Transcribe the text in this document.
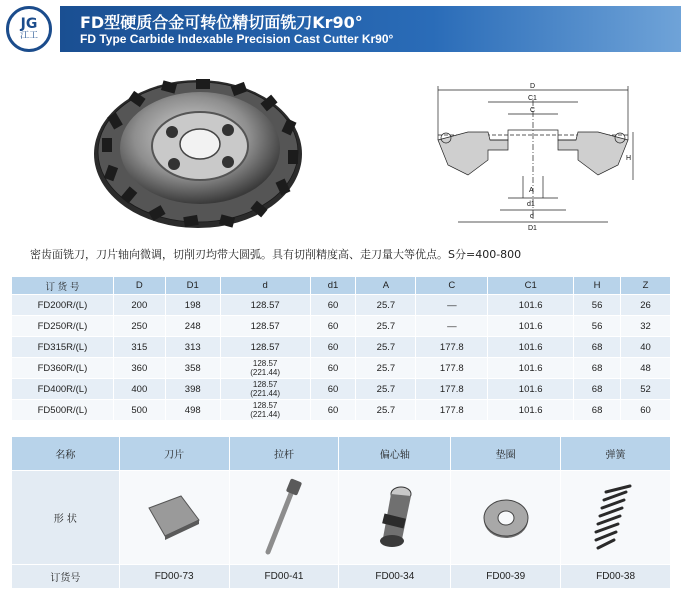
JG
江工
FD型硬质合金可转位精切面铣刀Kr90°
FD Type Carbide Indexable Precision Cast Cutter Kr90°
D
C1
C
A
d1
d
D1
H
密齿面铣刀，刀片轴向微调，切削刃均带大圆弧。具有切削精度高、走刀量大等优点。S分=400-800
订 货 号	D	D1	d	d1	A	C	C1	H	Z
FD200R/(L)	200	198	128.57	60	25.7	—	101.6	56	26
FD250R/(L)	250	248	128.57	60	25.7	—	101.6	56	32
FD315R/(L)	315	313	128.57	60	25.7	177.8	101.6	68	40
FD360R/(L)	360	358	128.57
(221.44)	60	25.7	177.8	101.6	68	48
FD400R/(L)	400	398	128.57
(221.44)	60	25.7	177.8	101.6	68	52
FD500R/(L)	500	498	128.57
(221.44)	60	25.7	177.8	101.6	68	60
名称	刀片	拉杆	偏心轴	垫圈	弹簧
形 状	

订货号	FD00-73	FD00-41	FD00-34	FD00-39	FD00-38
